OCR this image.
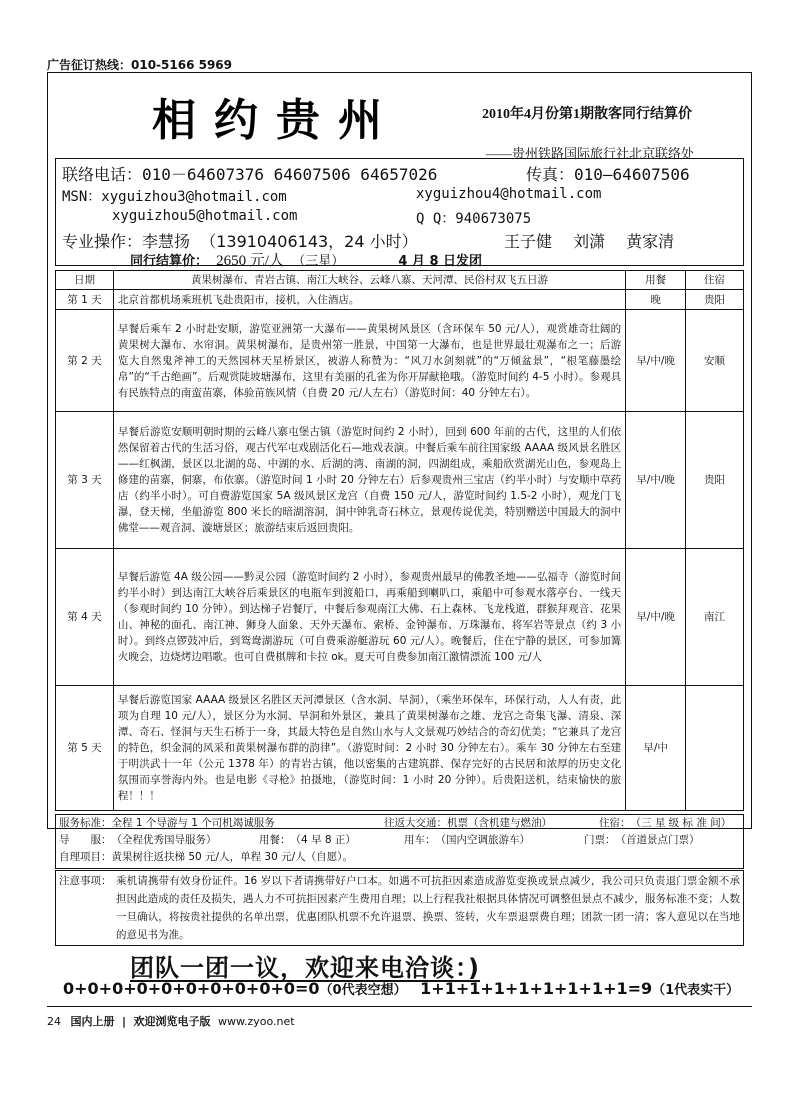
广告征订热线：010-5166 5969
相约贵州	2010年4月份第1期散客同行结算价
——贵州铁路国际旅行社北京联络处
联络电话：010－64607376 64607506 64657026	传真：010—64607506
MSN：xyguizhou3@hotmail.com	xyguizhou4@hotmail.com
xyguizhou5@hotmail.com	Q Q：940673075
专业操作：李慧扬 （13910406143，24 小时）	王子健　 刘潇　 黄家清
同行结算价： 2650 元/人 （三星）	4 月 8 日发团
日期	黄果树瀑布、青岩古镇、南江大峡谷、云峰八寨、天河潭、民俗村双飞五日游	用餐	住宿
第 1 天	北京首都机场乘班机飞赴贵阳市，接机，入住酒店。	晚	贵阳
第 2 天	早餐后乘车 2 小时赴安顺，游览亚洲第一大瀑布——黄果树风景区（含环保车 50 元/人），观赏雄奇壮阔的黄果树大瀑布、水帘洞。黄果树瀑布，是贵州第一胜景，中国第一大瀑布，也是世界最壮观瀑布之一；后游览大自然鬼斧神工的天然园林天星桥景区，被游人称赞为：“风刀水剑刻就”的“万倾盆景”，“根笔藤墨绘帛”的“千古绝画”。后观赏陡坡塘瀑布，这里有美丽的孔雀为你开屏献艳哦。（游览时间约 4-5 小时）。参观具有民族特点的南蛮苗寨，体验苗族风情（自费 20 元/人左右）（游览时间：40 分钟左右）。	早/中/晚	安顺
第 3 天	早餐后游览安顺明朝时期的云峰八寨屯堡古镇（游览时间约 2 小时），回到 600 年前的古代，这里的人们依然保留着古代的生活习俗，观古代军屯戏剧活化石—地戏表演。中餐后乘车前往国家级 AAAA 级风景名胜区——红枫湖，景区以北湖的岛、中湖的水、后湖的湾、南湖的洞，四湖组成，乘船欣赏湖光山色，参观岛上修建的苗寨，侗寨，布依寨。（游览时间 1 小时 20 分钟左右）后参观贵州三宝店（约半小时）与安顺中草药店（约半小时）。可自费游览国家 5A 级风景区龙宫（自费 150 元/人，游览时间约 1.5-2 小时），观龙门飞瀑，登天梯，坐船游览 800 米长的暗湖溶洞，洞中钟乳奇石林立，景观传说优美，特别赠送中国最大的洞中佛堂——观音洞、漩塘景区；旅游结束后返回贵阳。	早/中/晚	贵阳
第 4 天	早餐后游览 4A 级公园——黔灵公园（游览时间约 2 小时），参观贵州最早的佛教圣地——弘福寺（游览时间约半小时）到达南江大峡谷后乘景区的电瓶车到渡船口，再乘船到喇叭口，乘船中可参观水落亭台、一线天（参观时间约 10 分钟）。到达梯子岩餐厅，中餐后参观南江大佛、石上森林、飞龙栈道，群猴拜观音、花果山、神秘的面孔、南江神、狮身人面象、天外天瀑布、索桥、金钟瀑布、万珠瀑布、将军岩等景点（约 3 小时）。到终点锣鼓冲后，到鸳鸯湖游玩（可自费乘游艇游玩 60 元/人）。晚餐后，住在宁静的景区，可参加篝火晚会，边烧烤边唱歌。也可自费棋牌和卡拉 ok。夏天可自费参加南江激情漂流 100 元/人	早/中/晚	南江
第 5 天	早餐后游览国家 AAAA 级景区名胜区天河潭景区（含水洞、旱洞），（乘坐环保车，环保行动，人人有责，此项为自理 10 元/人），景区分为水洞、旱洞和外景区，兼具了黄果树瀑布之雄、龙宫之奇集飞瀑、清泉、深潭、奇石、怪洞与天生石桥于一身，其最大特色是自然山水与人文景观巧妙结合的奇幻优美；“它兼具了龙宫的特色，织金洞的风采和黄果树瀑布群的韵律”。（游览时间：2 小时 30 分钟左右）。乘车 30 分钟左右至建于明洪武十一年（公元 1378 年）的青岩古镇，他以密集的古建筑群、保存完好的古民居和浓厚的历史文化氛围而享誉海内外。也是电影《寻枪》拍摄地，（游览时间：1 小时 20 分钟）。后贵阳送机，结束愉快的旅程！！！	早/中	
服务标准：全程 1 个导游与 1 个司机竭诚服务	往返大交通：机票（含机建与燃油）	住宿：（三 星 级 标 准 间）
导　　服：（全程优秀国导服务）	用餐：（4 早 8 正）	用车：（国内空调旅游车）	门票：（首道景点门票）
自理项目：黄果树往返扶梯 50 元/人，单程 30 元/人（自愿）。
注意事项： 乘机请携带有效身份证件。16 岁以下者请携带好户口本。如遇不可抗拒因素造成游览变换或景点减少，我公司只负责退门票金额不承担因此造成的责任及损失，遇人力不可抗拒因素产生费用自理；以上行程我社根据具体情况可调整但景点不减少，服务标准不变；人数一旦确认，将按贵社提供的名单出票，优惠团队机票不允许退票、换票、签转，火车票退票费自理；团款一团一清；客人意见以在当地的意见书为准。
团队一团一议，欢迎来电洽谈：)
0+0+0+0+0+0+0+0+0+0=0（0代表空想） 1+1+1+1+1+1+1+1+1=9（1代表实干）
24 国内上册 | 欢迎浏览电子版 www.zyoo.net
